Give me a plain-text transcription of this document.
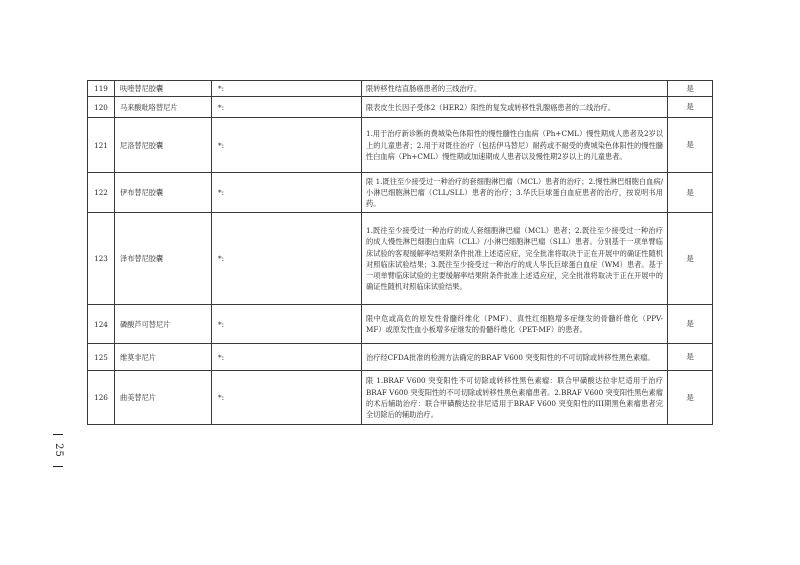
119	呋喹替尼胶囊	*:	限转移性结直肠癌患者的三线治疗。	是
120	马来酸吡咯替尼片	*:	限表皮生长因子受体2（HER2）阳性的复发或转移性乳腺癌患者的二线治疗。	是
121	尼洛替尼胶囊	*:	1.用于治疗新诊断的费城染色体阳性的慢性髓性白血病（Ph+CML）慢性期成人患者及2岁以上的儿童患者；2.用于对既往治疗（包括伊马替尼）耐药或不耐受的费城染色体阳性的慢性髓性白血病（Ph+CML）慢性期或加速期成人患者以及慢性期2岁以上的儿童患者。	是
122	伊布替尼胶囊	*:	限 1.既往至少接受过一种治疗的套细胞淋巴瘤（MCL）患者的治疗；2.慢性淋巴细胞白血病/小淋巴细胞淋巴瘤（CLL/SLL）患者的治疗；3.华氏巨球蛋白血症患者的治疗，按说明书用药。	是
123	泽布替尼胶囊	*:	1.既往至少接受过一种治疗的成人套细胞淋巴瘤（MCL）患者；2.既往至少接受过一种治疗的成人慢性淋巴细胞白血病（CLL）/小淋巴细胞淋巴瘤（SLL）患者。分别基于一项单臂临床试验的客观缓解率结果附条件批准上述适应症，完全批准将取决于正在开展中的确证性随机对照临床试验结果；3.既往至少接受过一种治疗的成人华氏巨球蛋白血症（WM）患者。基于一项单臂临床试验的主要缓解率结果附条件批准上述适应症，完全批准将取决于正在开展中的确证性随机对照临床试验结果。	是
124	磷酸芦可替尼片	*:	限中危或高危的原发性骨髓纤维化（PMF）、真性红细胞增多症继发的骨髓纤维化（PPV-MF）或原发性血小板增多症继发的骨髓纤维化（PET-MF）的患者。	是
125	维莫非尼片	*:	治疗经CFDA批准的检测方法确定的BRAF V600 突变阳性的不可切除或转移性黑色素瘤。	是
126	曲美替尼片	*:	限 1.BRAF V600 突变阳性不可切除或转移性黑色素瘤：联合甲磺酸达拉非尼适用于治疗BRAF V600 突变阳性的不可切除或转移性黑色素瘤患者。2.BRAF V600 突变阳性黑色素瘤的术后辅助治疗：联合甲磺酸达拉非尼适用于BRAF V600 突变阳性的III期黑色素瘤患者完全切除后的辅助治疗。	是
25
